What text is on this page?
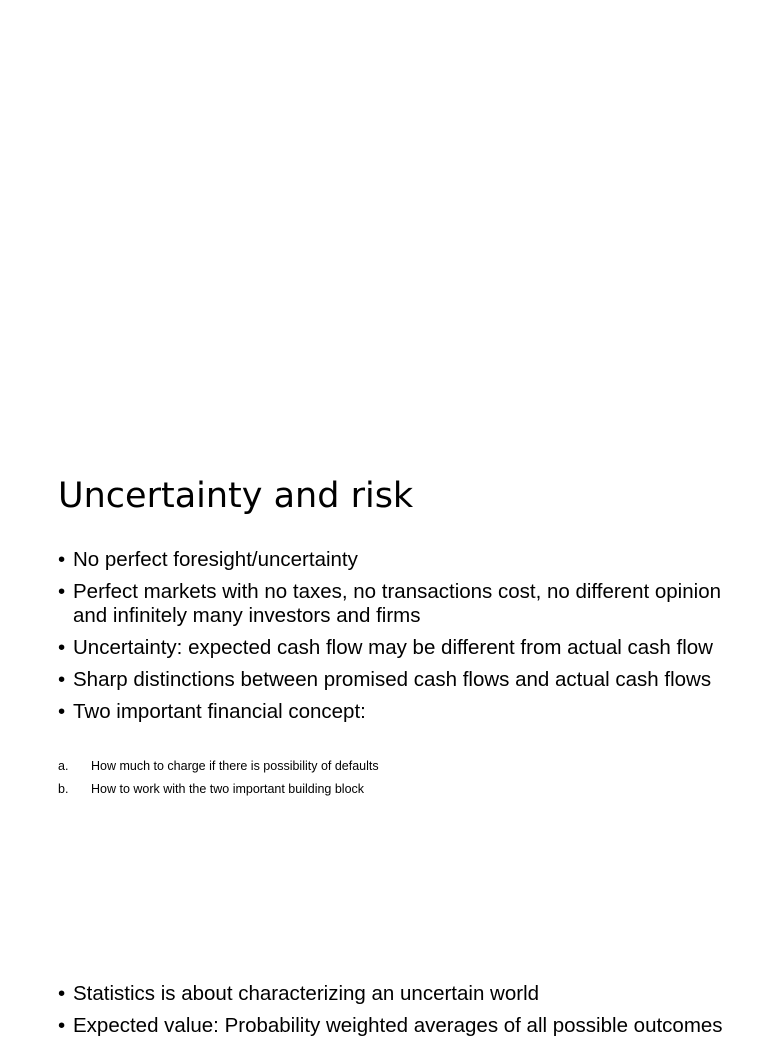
Uncertainty and risk
• No perfect foresight/uncertainty
• Perfect markets with no taxes, no transactions cost, no different opinion and infinitely many investors and firms
• Uncertainty: expected cash flow may be different from actual cash flow
• Sharp distinctions between promised cash flows and actual cash flows
• Two important financial concept:
a. How much to charge if there is possibility of defaults
b. How to work with the two important building block
• Statistics is about characterizing an uncertain world
• Expected value: Probability weighted averages of all possible outcomes
